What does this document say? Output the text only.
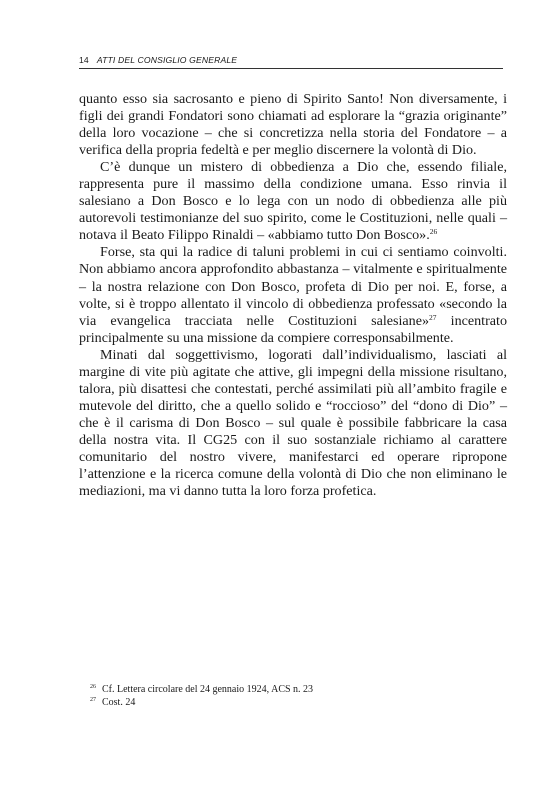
14 ATTI DEL CONSIGLIO GENERALE

quanto esso sia sacrosanto e pieno di Spirito Santo! Non diversamente, i figli dei grandi Fondatori sono chiamati ad esplorare la “grazia originante” della loro vocazione – che si concretizza nella storia del Fondatore – a verifica della propria fedeltà e per meglio discernere la volontà di Dio.

C’è dunque un mistero di obbedienza a Dio che, essendo filiale, rappresenta pure il massimo della condizione umana. Esso rinvia il salesiano a Don Bosco e lo lega con un nodo di obbedienza alle più autorevoli testimonianze del suo spirito, come le Costituzioni, nelle quali – notava il Beato Filippo Rinaldi – «abbiamo tutto Don Bosco».$^{26}$

Forse, sta qui la radice di taluni problemi in cui ci sentiamo coinvolti. Non abbiamo ancora approfondito abbastanza – vitalmente e spiritualmente – la nostra relazione con Don Bosco, profeta di Dio per noi. E, forse, a volte, si è troppo allentato il vincolo di obbedienza professato «secondo la via evangelica tracciata nelle Costituzioni salesiane»$^{27}$ incentrato principalmente su una missione da compiere corresponsabilmente.

Minati dal soggettivismo, logorati dall’individualismo, lasciati al margine di vite più agitate che attive, gli impegni della missione risultano, talora, più disattesi che contestati, perché assimilati più all’ambito fragile e mutevole del diritto, che a quello solido e “roccioso” del “dono di Dio” – che è il carisma di Don Bosco – sul quale è possibile fabbricare la casa della nostra vita. Il CG25 con il suo sostanziale richiamo al carattere comunitario del nostro vivere, manifestarci ed operare ripropone l’attenzione e la ricerca comune della volontà di Dio che non eliminano le mediazioni, ma vi danno tutta la loro forza profetica.

$^{26}$ Cf. Lettera circolare del 24 gennaio 1924, ACS n. 23

$^{27}$ Cost. 24
